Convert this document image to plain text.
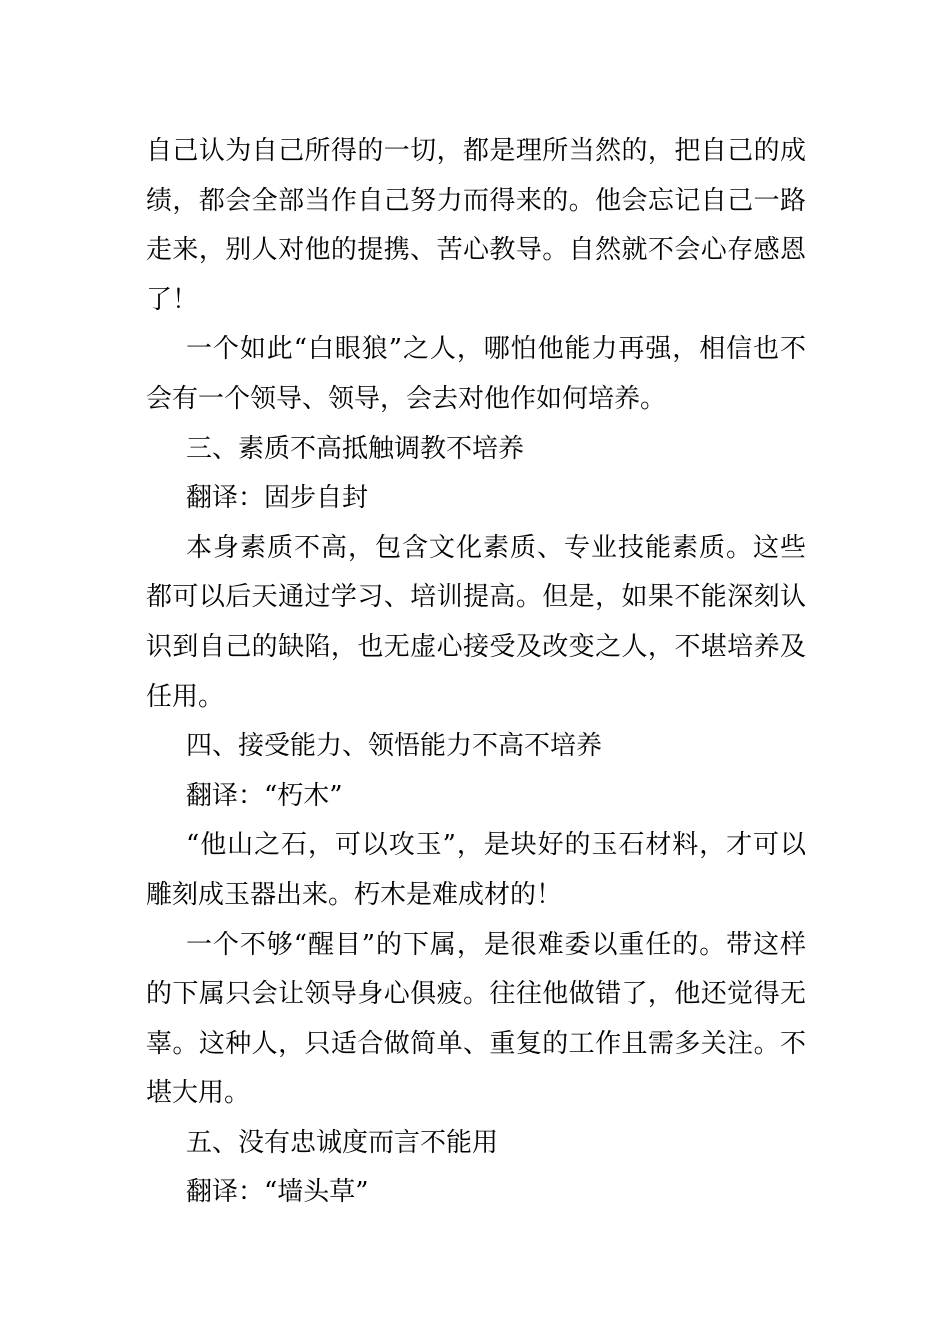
自己认为自己所得的一切，都是理所当然的，把自己的成绩，都会全部当作自己努力而得来的。他会忘记自己一路走来，别人对他的提携、苦心教导。自然就不会心存感恩了！

一个如此“白眼狼”之人，哪怕他能力再强，相信也不会有一个领导、领导，会去对他作如何培养。

三、素质不高抵触调教不培养

翻译：固步自封

本身素质不高，包含文化素质、专业技能素质。这些都可以后天通过学习、培训提高。但是，如果不能深刻认识到自己的缺陷，也无虚心接受及改变之人，不堪培养及任用。

四、接受能力、领悟能力不高不培养

翻译：“朽木”

“他山之石，可以攻玉”，是块好的玉石材料，才可以雕刻成玉器出来。朽木是难成材的！

一个不够“醒目”的下属，是很难委以重任的。带这样的下属只会让领导身心俱疲。往往他做错了，他还觉得无辜。这种人，只适合做简单、重复的工作且需多关注。不堪大用。

五、没有忠诚度而言不能用

翻译：“墙头草”
